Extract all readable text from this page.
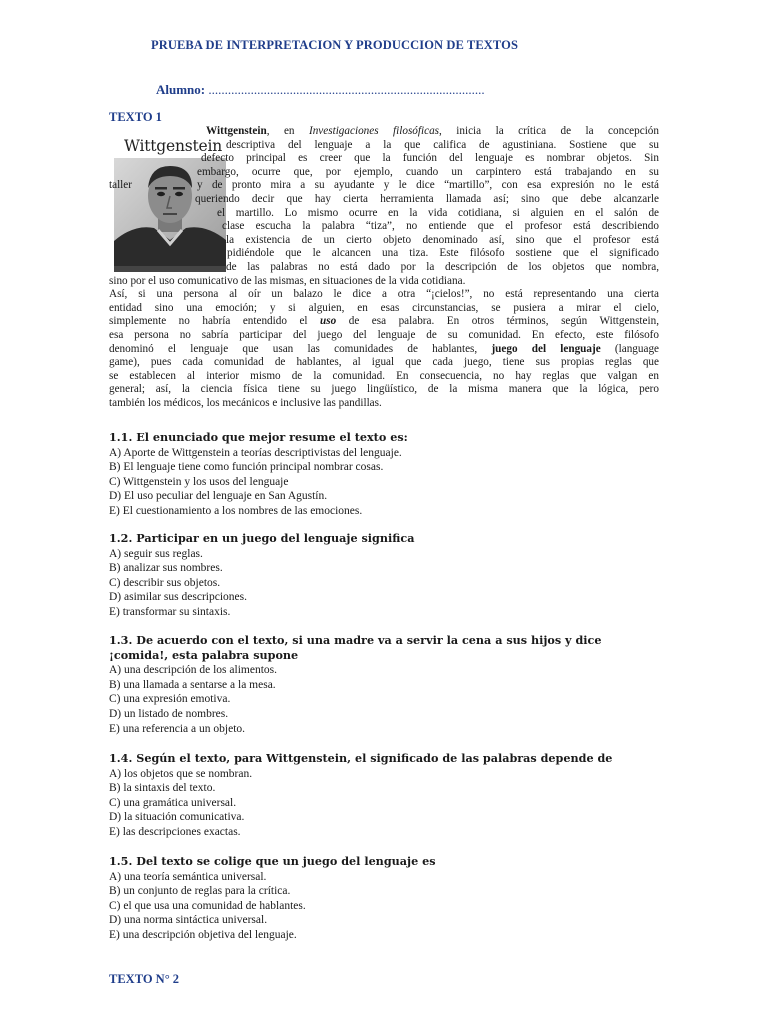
PRUEBA DE INTERPRETACION Y PRODUCCION DE TEXTOS
Alumno: .....................................................................................
TEXTO 1
Wittgenstein
Wittgenstein, en Investigaciones filosóficas, inicia la crítica de la concepción
descriptiva del lenguaje a la que califica de agustiniana. Sostiene que su
defecto principal es creer que la función del lenguaje es nombrar objetos. Sin
embargo, ocurre que, por ejemplo, cuando un carpintero está trabajando en su
taller	y de pronto mira a su ayudante y le dice “martillo”, con esa expresión no le está
queriendo decir que hay cierta herramienta llamada así; sino que debe alcanzarle
el martillo. Lo mismo ocurre en la vida cotidiana, si alguien en el salón de
clase escucha la palabra “tiza”, no entiende que el profesor está describiendo
la existencia de un cierto objeto denominado así, sino que el profesor está
pidiéndole que le alcancen una tiza. Este filósofo sostiene que el significado
de las palabras no está dado por la descripción de los objetos que nombra,
sino por el uso comunicativo de las mismas, en situaciones de la vida cotidiana.
Así, si una persona al oír un balazo le dice a otra “¡cielos!”, no está representando una cierta
entidad sino una emoción; y si alguien, en esas circunstancias, se pusiera a mirar el cielo,
simplemente no habría entendido el uso de esa palabra. En otros términos, según Wittgenstein,
esa persona no sabría participar del juego del lenguaje de su comunidad. En efecto, este filósofo
denominó el lenguaje que usan las comunidades de hablantes, juego del lenguaje (language
game), pues cada comunidad de hablantes, al igual que cada juego, tiene sus propias reglas que
se establecen al interior mismo de la comunidad. En consecuencia, no hay reglas que valgan en
general; así, la ciencia física tiene su juego lingüístico, de la misma manera que la lógica, pero
también los médicos, los mecánicos e inclusive las pandillas.
1.1. El enunciado que mejor resume el texto es:
A) Aporte de Wittgenstein a teorías descriptivistas del lenguaje.
B) El lenguaje tiene como función principal nombrar cosas.
C) Wittgenstein y los usos del lenguaje
D) El uso peculiar del lenguaje en San Agustín.
E) El cuestionamiento a los nombres de las emociones.
1.2. Participar en un juego del lenguaje significa
A) seguir sus reglas.
B) analizar sus nombres.
C) describir sus objetos.
D) asimilar sus descripciones.
E) transformar su sintaxis.
1.3. De acuerdo con el texto, si una madre va a servir la cena a sus hijos y dice
¡comida!, esta palabra supone
A) una descripción de los alimentos.
B) una llamada a sentarse a la mesa.
C) una expresión emotiva.
D) un listado de nombres.
E) una referencia a un objeto.
1.4. Según el texto, para Wittgenstein, el significado de las palabras depende de
A) los objetos que se nombran.
B) la sintaxis del texto.
C) una gramática universal.
D) la situación comunicativa.
E) las descripciones exactas.
1.5. Del texto se colige que un juego del lenguaje es
A) una teoría semántica universal.
B) un conjunto de reglas para la crítica.
C) el que usa una comunidad de hablantes.
D) una norma sintáctica universal.
E) una descripción objetiva del lenguaje.
TEXTO N° 2
